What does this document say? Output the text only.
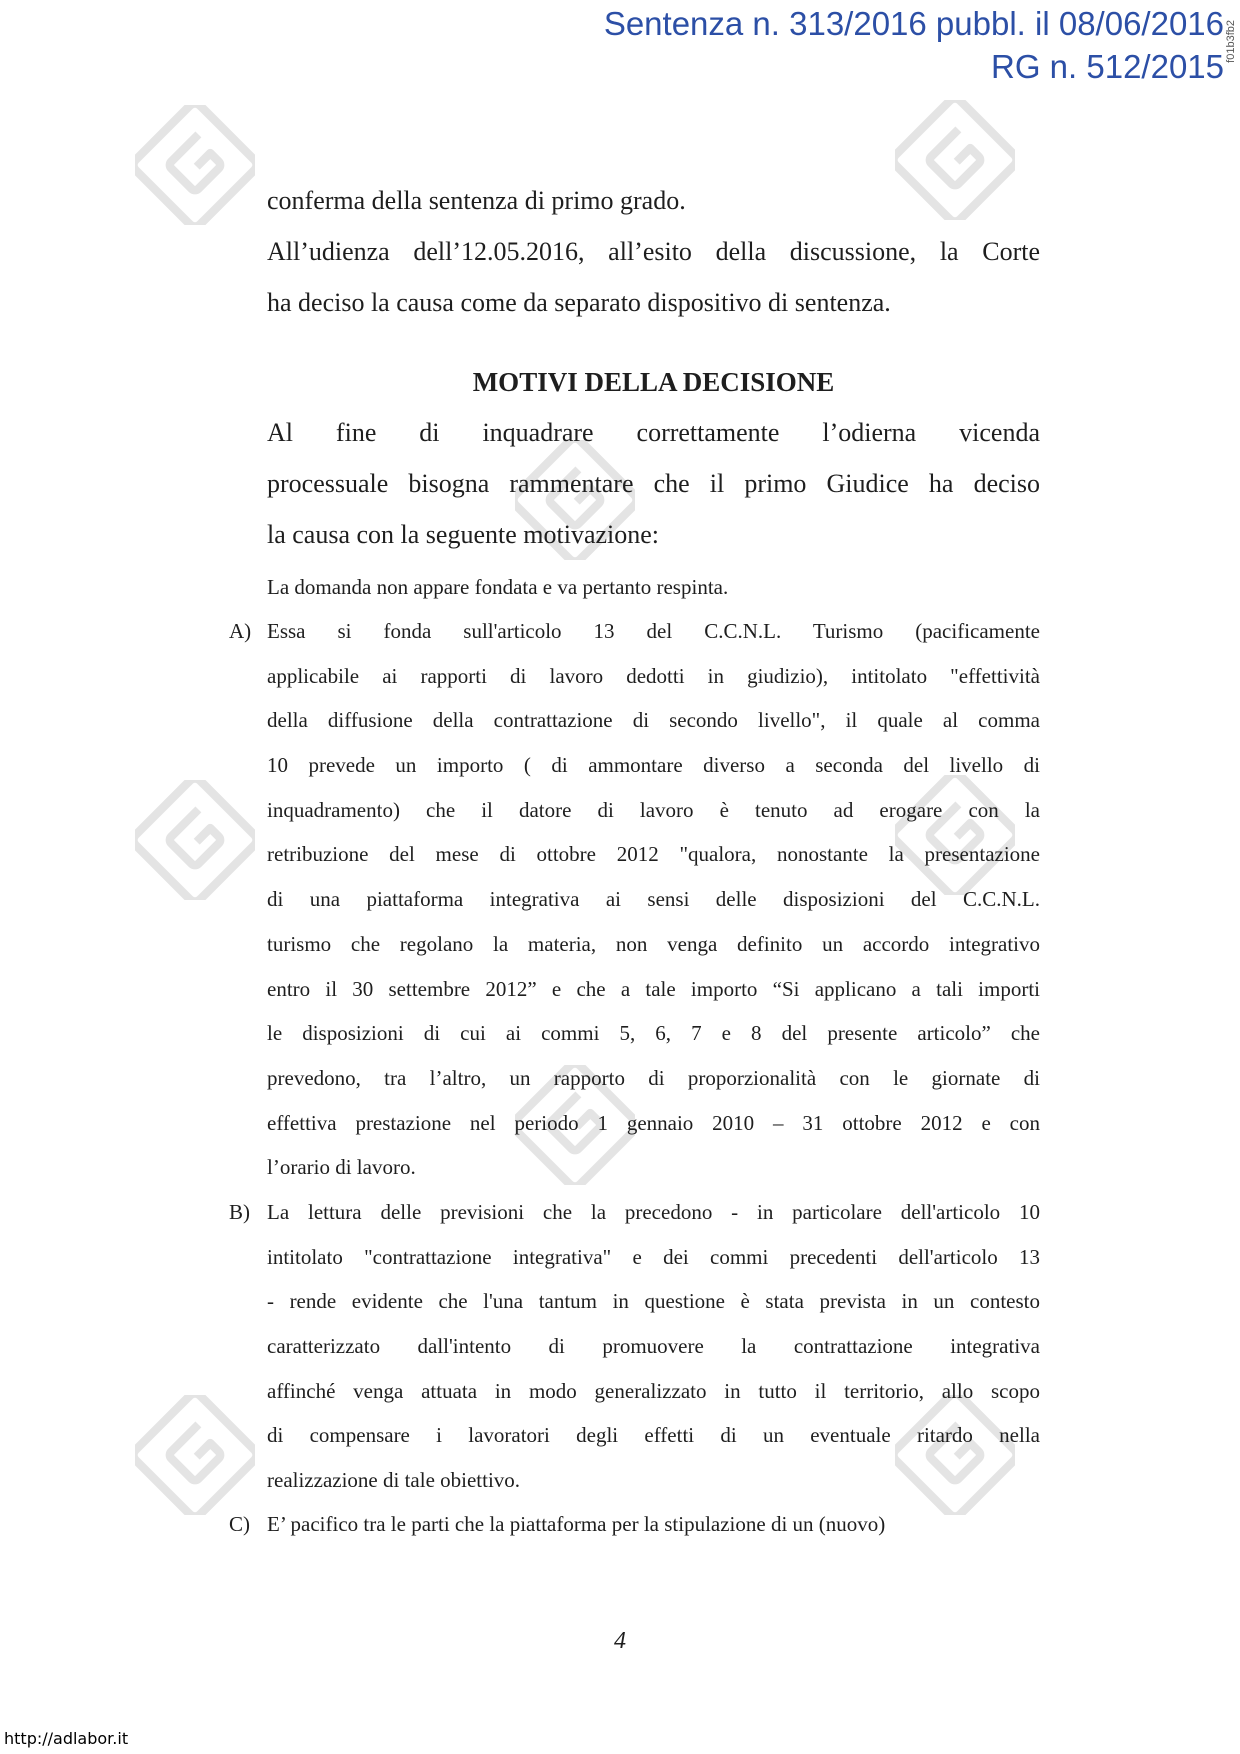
Sentenza n. 313/2016 pubbl. il 08/06/2016
RG n. 512/2015
f01b3fb2
conferma della sentenza di primo grado.
All’udienza dell’12.05.2016, all’esito della discussione, la Corte
ha deciso la causa come da separato dispositivo di sentenza.
MOTIVI DELLA DECISIONE
Al fine di inquadrare correttamente l’odierna vicenda
processuale bisogna rammentare che il primo Giudice ha deciso
la causa con la seguente motivazione:
La domanda non appare fondata e va pertanto respinta.
A) Essa si fonda sull'articolo 13 del C.C.N.L. Turismo (pacificamente
applicabile ai rapporti di lavoro dedotti in giudizio), intitolato "effettività
della diffusione della contrattazione di secondo livello", il quale al comma
10 prevede un importo ( di ammontare diverso a seconda del livello di
inquadramento) che il datore di lavoro è tenuto ad erogare con la
retribuzione del mese di ottobre 2012 "qualora, nonostante la presentazione
di una piattaforma integrativa ai sensi delle disposizioni del C.C.N.L.
turismo che regolano la materia, non venga definito un accordo integrativo
entro il 30 settembre 2012” e che a tale importo “Si applicano a tali importi
le disposizioni di cui ai commi 5, 6, 7 e 8 del presente articolo” che
prevedono, tra l’altro, un rapporto di proporzionalità con le giornate di
effettiva prestazione nel periodo 1 gennaio 2010 – 31 ottobre 2012 e con
l’orario di lavoro.
B) La lettura delle previsioni che la precedono - in particolare dell'articolo 10
intitolato "contrattazione integrativa" e dei commi precedenti dell'articolo 13
- rende evidente che l'una tantum in questione è stata prevista in un contesto
caratterizzato dall'intento di promuovere la contrattazione integrativa
affinché venga attuata in modo generalizzato in tutto il territorio, allo scopo
di compensare i lavoratori degli effetti di un eventuale ritardo nella
realizzazione di tale obiettivo.
C) E’ pacifico tra le parti che la piattaforma per la stipulazione di un (nuovo)
4
http://adlabor.it
